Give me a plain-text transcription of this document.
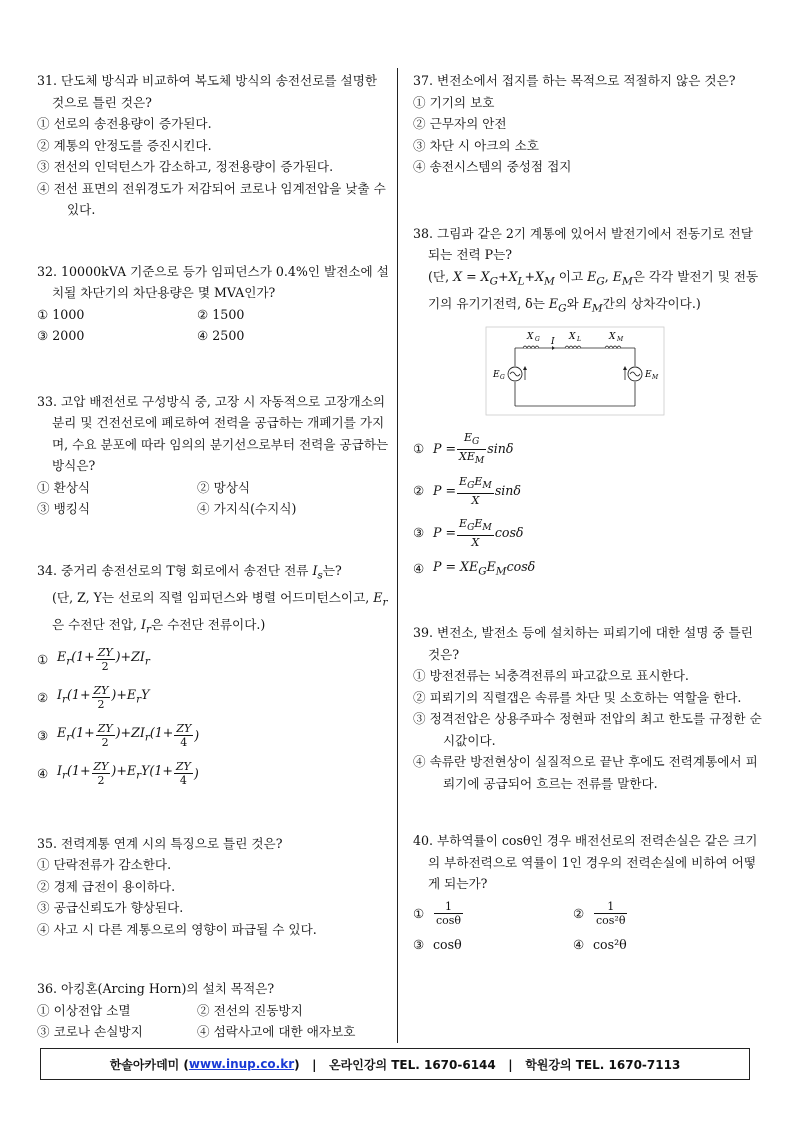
31. 단도체 방식과 비교하여 복도체 방식의 송전선로를 설명한 것으로 틀린 것은?
① 선로의 송전용량이 증가된다.
② 계통의 안정도를 증진시킨다.
③ 전선의 인덕턴스가 감소하고, 정전용량이 증가된다.
④ 전선 표면의 전위경도가 저감되어 코로나 임계전압을 낮출 수 있다.
32. 10000kVA 기준으로 등가 임피던스가 0.4%인 발전소에 설치될 차단기의 차단용량은 몇 MVA인가?
① 1000	② 1500
③ 2000	④ 2500
33. 고압 배전선로 구성방식 중, 고장 시 자동적으로 고장개소의 분리 및 건전선로에 폐로하여 전력을 공급하는 개폐기를 가지며, 수요 분포에 따라 임의의 분기선으로부터 전력을 공급하는 방식은?
① 환상식	② 망상식
③ 뱅킹식	④ 가지식(수지식)
34. 중거리 송전선로의 T형 회로에서 송전단 전류 $I_s$는?
(단, Z, Y는 선로의 직렬 임피던스와 병렬 어드미턴스이고, $E_r$은 수전단 전압, $I_r$은 수전단 전류이다.)
① $E_r(1+ \frac{ZY}{2} )+ZI_r$
② $I_r(1+ \frac{ZY}{2} )+E_rY$
③ $E_r(1+ \frac{ZY}{2} )+ZI_r(1+ \frac{ZY}{4}$ )
④ $I_r(1+ \frac{ZY}{2} )+E_rY(1+ \frac{ZY}{4}$ )
35. 전력계통 연계 시의 특징으로 틀린 것은?
① 단락전류가 감소한다.
② 경제 급전이 용이하다.
③ 공급신뢰도가 향상된다.
④ 사고 시 다른 계통으로의 영향이 파급될 수 있다.
36. 아킹혼(Arcing Horn)의 설치 목적은?
① 이상전압 소멸	② 전선의 진동방지
③ 코로나 손실방지	④ 섬락사고에 대한 애자보호
37. 변전소에서 접지를 하는 목적으로 적절하지 않은 것은?
① 기기의 보호
② 근무자의 안전
③ 차단 시 아크의 소호
④ 송전시스템의 중성점 접지
38. 그림과 같은 2기 계통에 있어서 발전기에서 전동기로 전달되는 전력 P는?
(단, $X = X_G+X_L+X_M$ 이고 $E_G$, $E_M$은 각각 발전기 및 전동기의 유기기전력, δ는 $E_G$와 $E_M$간의 상차각이다.)
X G I X L	X M
E G	E M
① $P = \frac{E_G}{XE_M}$ sinδ
② $P = \frac{E_GE_M}{X}$ sinδ
③ $P = \frac{E_GE_M}{X}$ cosδ
④ $P = XE_GE_M\cos\delta$
39. 변전소, 발전소 등에 설치하는 피뢰기에 대한 설명 중 틀린 것은?
① 방전전류는 뇌충격전류의 파고값으로 표시한다.
② 피뢰기의 직렬갭은 속류를 차단 및 소호하는 역할을 한다.
③ 정격전압은 상용주파수 정현파 전압의 최고 한도를 규정한 순시값이다.
④ 속류란 방전현상이 실질적으로 끝난 후에도 전력계통에서 피뢰기에 공급되어 흐르는 전류를 말한다.
40. 부하역률이 cosθ인 경우 배전선로의 전력손실은 같은 크기의 부하전력으로 역률이 1인 경우의 전력손실에 비하여 어떻게 되는가?
① $\frac{1}{\cos\theta}$	② $\frac{1}{\text{cos²θ}}$
③ cosθ	④ cos²θ
한솔아카데미 ( www.inup.co.kr )   |   온라인강의 TEL. 1670-6144   |   학원강의 TEL. 1670-7113
